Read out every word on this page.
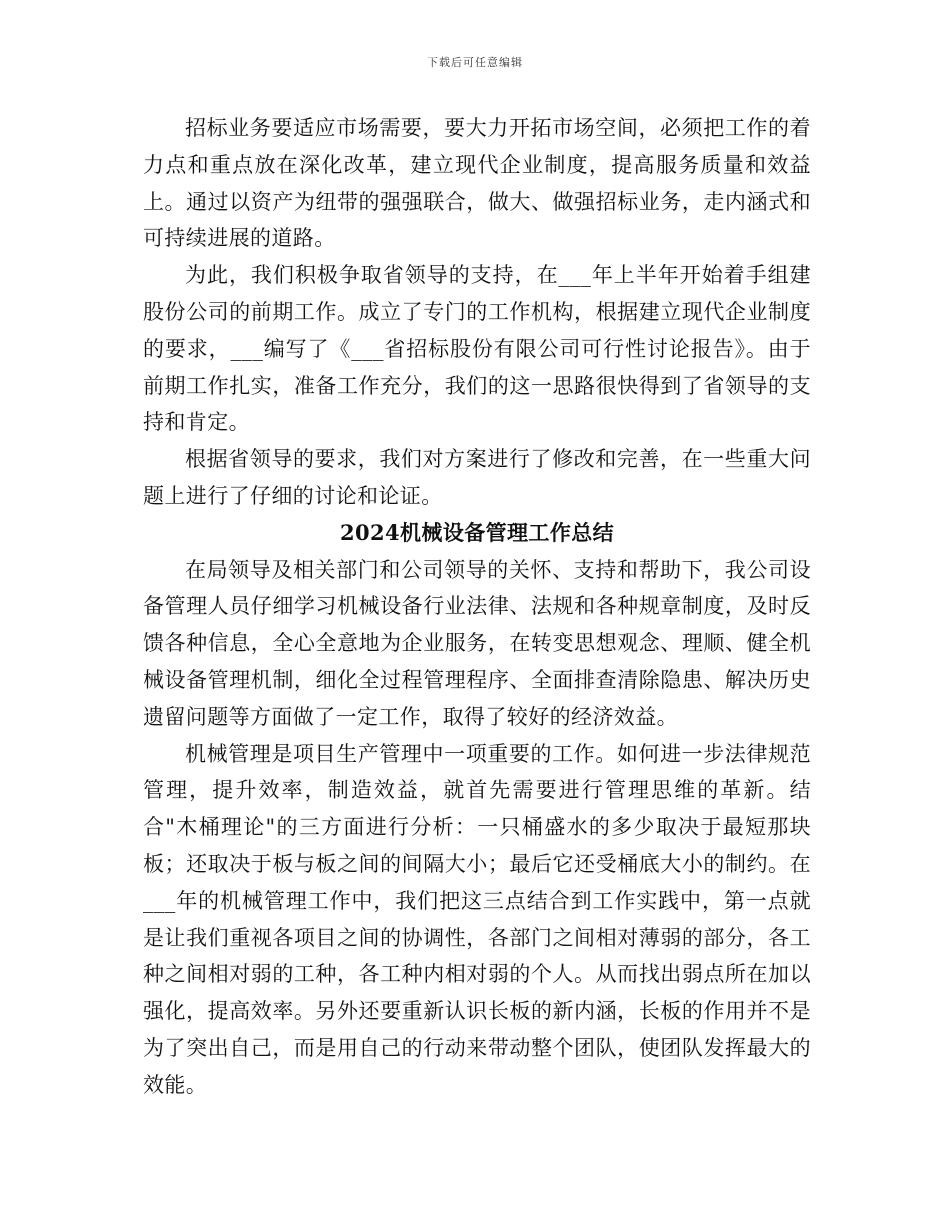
下载后可任意编辑

招标业务要适应市场需要，要大力开拓市场空间，必须把工作的着力点和重点放在深化改革，建立现代企业制度，提高服务质量和效益上。通过以资产为纽带的强强联合，做大、做强招标业务，走内涵式和可持续进展的道路。

为此，我们积极争取省领导的支持，在___年上半年开始着手组建股份公司的前期工作。成立了专门的工作机构，根据建立现代企业制度的要求，___编写了《___省招标股份有限公司可行性讨论报告》。由于前期工作扎实，准备工作充分，我们的这一思路很快得到了省领导的支持和肯定。

根据省领导的要求，我们对方案进行了修改和完善，在一些重大问题上进行了仔细的讨论和论证。

2024机械设备管理工作总结

在局领导及相关部门和公司领导的关怀、支持和帮助下，我公司设备管理人员仔细学习机械设备行业法律、法规和各种规章制度，及时反馈各种信息，全心全意地为企业服务，在转变思想观念、理顺、健全机械设备管理机制，细化全过程管理程序、全面排查清除隐患、解决历史遗留问题等方面做了一定工作，取得了较好的经济效益。

机械管理是项目生产管理中一项重要的工作。如何进一步法律规范管理，提升效率，制造效益，就首先需要进行管理思维的革新。结合"木桶理论"的三方面进行分析：一只桶盛水的多少取决于最短那块板；还取决于板与板之间的间隔大小；最后它还受桶底大小的制约。在___年的机械管理工作中，我们把这三点结合到工作实践中，第一点就是让我们重视各项目之间的协调性，各部门之间相对薄弱的部分，各工种之间相对弱的工种，各工种内相对弱的个人。从而找出弱点所在加以强化，提高效率。另外还要重新认识长板的新内涵，长板的作用并不是为了突出自己，而是用自己的行动来带动整个团队，使团队发挥最大的效能。
